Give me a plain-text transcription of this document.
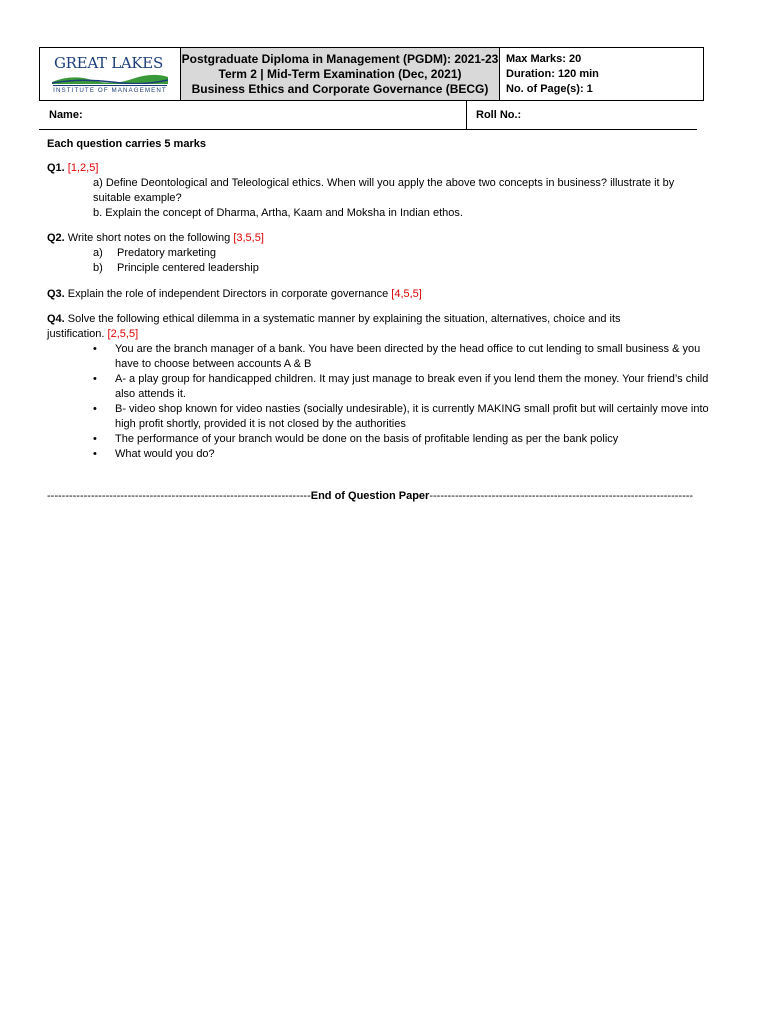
GREAT LAKES
INSTITUTE OF MANAGEMENT

Postgraduate Diploma in Management (PGDM): 2021-23
Term 2 | Mid-Term Examination (Dec, 2021)
Business Ethics and Corporate Governance (BECG)

Max Marks: 20
Duration: 120 min
No. of Page(s): 1
Name:	Roll No.:
Each question carries 5 marks
Q1. [1,2,5]
a) Define Deontological and Teleological ethics. When will you apply the above two concepts in business? illustrate it by
suitable example?
b. Explain the concept of Dharma, Artha, Kaam and Moksha in Indian ethos.
Q2. Write short notes on the following [3,5,5]
a)	Predatory marketing
b)	Principle centered leadership
Q3. Explain the role of independent Directors in corporate governance [4,5,5]
Q4. Solve the following ethical dilemma in a systematic manner by explaining the situation, alternatives, choice and its
justification. [2,5,5]
•	You are the branch manager of a bank. You have been directed by the head office to cut lending to small business & you have to choose between accounts A & B
•	A- a play group for handicapped children. It may just manage to break even if you lend them the money. Your friend’s child also attends it.
•	B- video shop known for video nasties (socially undesirable), it is currently MAKING small profit but will certainly move into high profit shortly, provided it is not closed by the authorities
•	The performance of your branch would be done on the basis of profitable lending as per the bank policy
•	What would you do?
------------------------------------------------------------------------End of Question Paper------------------------------------------------------------------------
